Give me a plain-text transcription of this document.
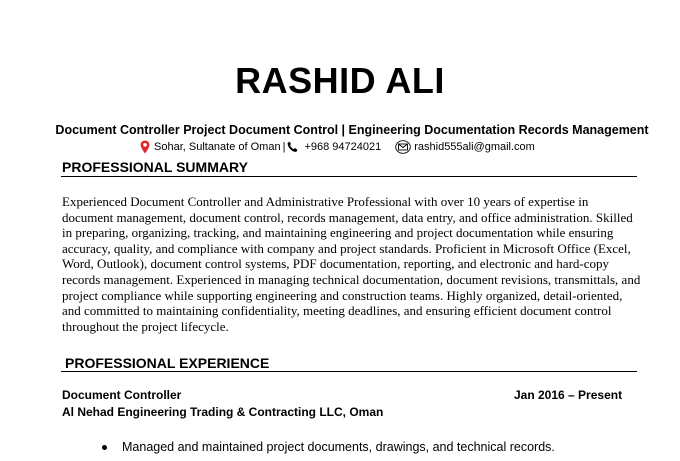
RASHID ALI
Document Controller Project Document Control | Engineering Documentation Records Management
Sohar, Sultanate of Oman | +968 94724021	rashid555ali@gmail.com
PROFESSIONAL SUMMARY
Experienced Document Controller and Administrative Professional with over 10 years of expertise in document management, document control, records management, data entry, and office administration. Skilled in preparing, organizing, tracking, and maintaining engineering and project documentation while ensuring accuracy, quality, and compliance with company and project standards. Proficient in Microsoft Office (Excel, Word, Outlook), document control systems, PDF documentation, reporting, and electronic and hard-copy records management. Experienced in managing technical documentation, document revisions, transmittals, and project compliance while supporting engineering and construction teams. Highly organized, detail-oriented, and committed to maintaining confidentiality, meeting deadlines, and ensuring efficient document control throughout the project lifecycle.
PROFESSIONAL EXPERIENCE
Document Controller	Jan 2016 – Present
Al Nehad Engineering Trading & Contracting LLC, Oman
Managed and maintained project documents, drawings, and technical records.
